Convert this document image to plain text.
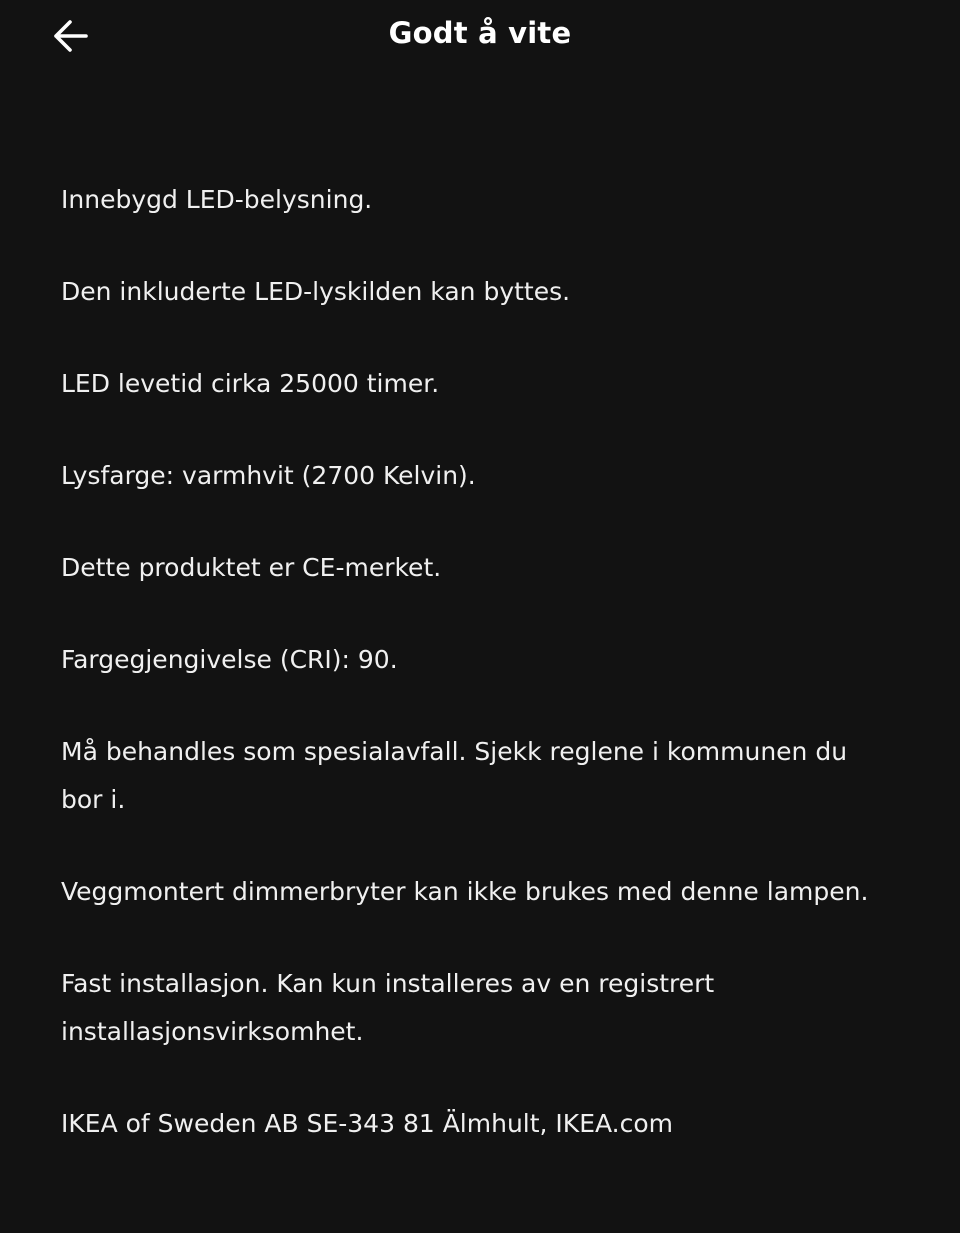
Godt å vite
Innebygd LED-belysning.
Den inkluderte LED-lyskilden kan byttes.
LED levetid cirka 25000 timer.
Lysfarge: varmhvit (2700 Kelvin).
Dette produktet er CE-merket.
Fargegjengivelse (CRI): 90.
Må behandles som spesialavfall. Sjekk reglene i kommunen du bor i.
Veggmontert dimmerbryter kan ikke brukes med denne lampen.
Fast installasjon. Kan kun installeres av en registrert installasjonsvirksomhet.
IKEA of Sweden AB SE-343 81 Älmhult, IKEA.com
